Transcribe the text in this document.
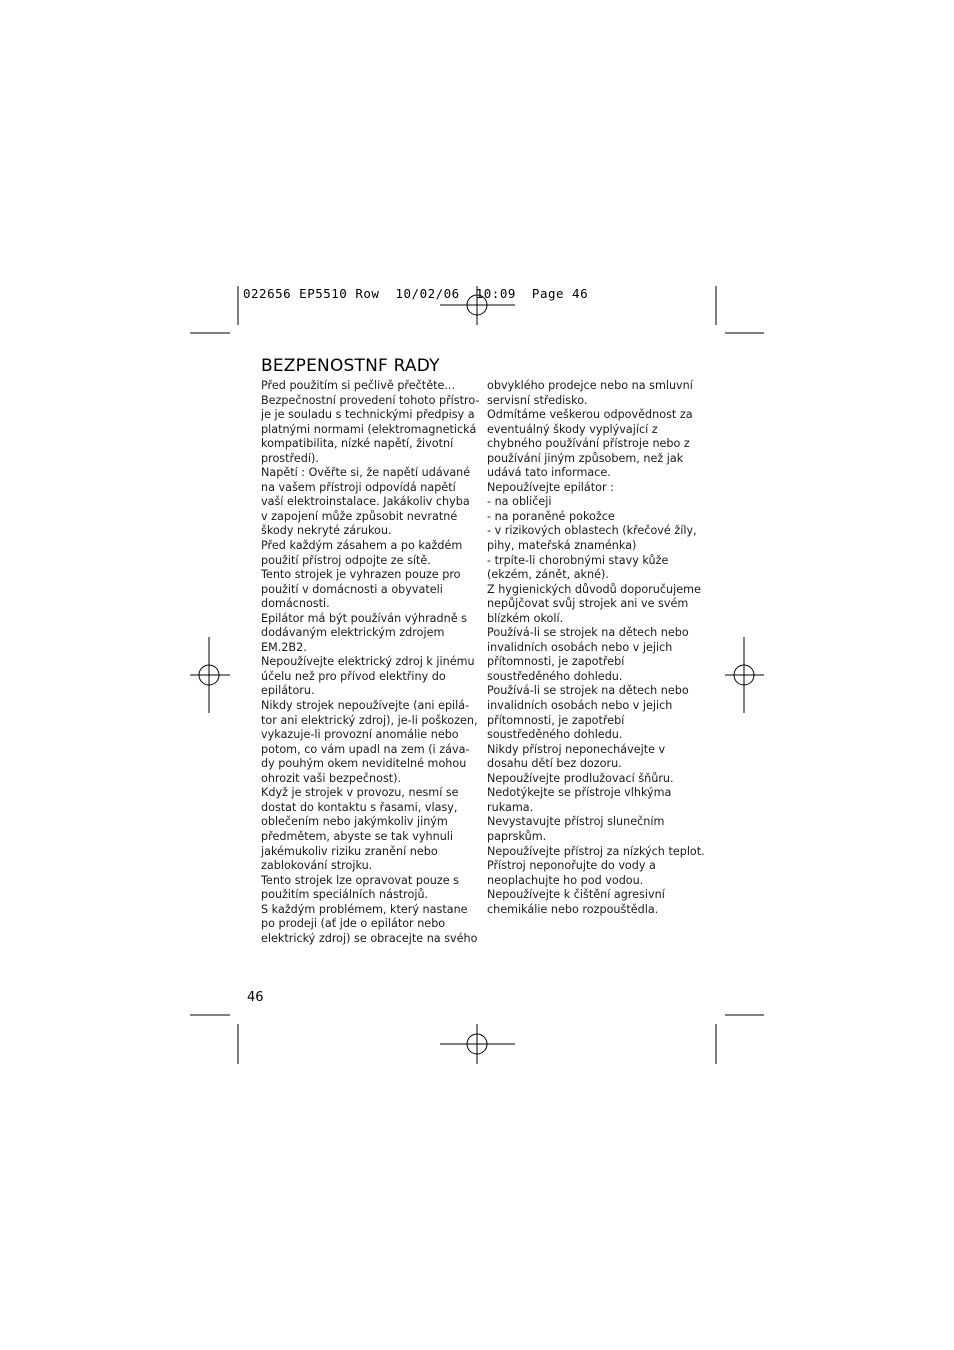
022656 EP5510 Row  10/02/06  10:09  Page 46
BEZPENOSTNF RADY
Před použitím si pečlivě přečtěte...
Bezpečnostní provedení tohoto přístro-
je je souladu s technickými předpisy a
platnými normami (elektromagnetická
kompatibilita, nízké napětí, životní
prostředí).
Napětí : Ověřte si, že napětí udávané
na vašem přístroji odpovídá napětí
vaší elektroinstalace. Jakákoliv chyba
v zapojení může způsobit nevratné
škody nekryté zárukou.
Před každým zásahem a po každém
použití přístroj odpojte ze sítě.
Tento strojek je vyhrazen pouze pro
použití v domácnosti a obyvateli
domácnosti.
Epilátor má být používán výhradně s
dodávaným elektrickým zdrojem
EM.2B2.
Nepoužívejte elektrický zdroj k jinému
účelu než pro přívod elektřiny do
epilátoru.
Nikdy strojek nepoužívejte (ani epilá-
tor ani elektrický zdroj), je-li poškozen,
vykazuje-li provozní anomálie nebo
potom, co vám upadl na zem (i záva-
dy pouhým okem neviditelné mohou
ohrozit vaši bezpečnost).
Když je strojek v provozu, nesmí se
dostat do kontaktu s řasami, vlasy,
oblečením nebo jakýmkoliv jiným
předmětem, abyste se tak vyhnuli
jakémukoliv riziku zranění nebo
zablokování strojku.
Tento strojek lze opravovat pouze s
použitím speciálních nástrojů.
S každým problémem, který nastane
po prodeji (ať jde o epilátor nebo
elektrický zdroj) se obracejte na svého
obvyklého prodejce nebo na smluvní
servisní středisko.
Odmítáme veškerou odpovědnost za
eventuálný škody vyplývající z
chybného používání přístroje nebo z
používání jiným způsobem, než jak
udává tato informace.
Nepoužívejte epilátor :
- na obličeji
- na poraněné pokožce
- v rizikových oblastech (křečové žíly,
pihy, mateřská znaménka)
- trpíte-li chorobnými stavy kůže
(ekzém, zánět, akné).
Z hygienických důvodů doporučujeme
nepůjčovat svůj strojek ani ve svém
blízkém okolí.
Používá-li se strojek na dětech nebo
invalidních osobách nebo v jejich
přítomnosti, je zapotřebí
soustředěného dohledu.
Používá-li se strojek na dětech nebo
invalidních osobách nebo v jejich
přítomnosti, je zapotřebí
soustředěného dohledu.
Nikdy přístroj neponechávejte v
dosahu dětí bez dozoru.
Nepoužívejte prodlužovací šňůru.
Nedotýkejte se přístroje vlhkýma
rukama.
Nevystavujte přístroj slunečním
paprskům.
Nepoužívejte přístroj za nízkých teplot.
Přístroj neponořujte do vody a
neoplachujte ho pod vodou.
Nepoužívejte k čištění agresivní
chemikálie nebo rozpouštědla.
46
